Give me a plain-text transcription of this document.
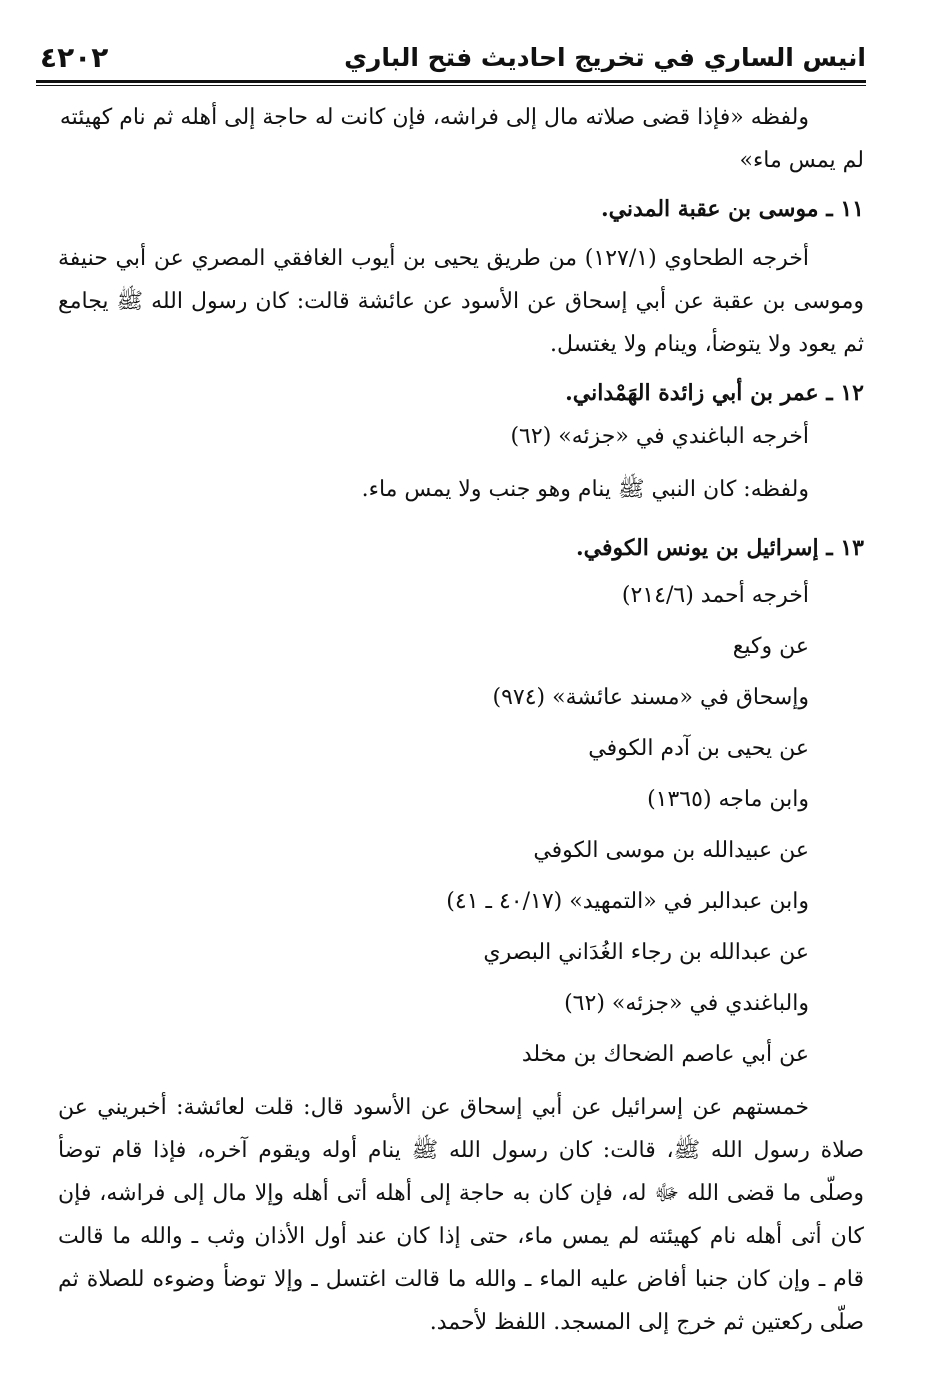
انيس الساري في تخريج احاديث فتح الباري
٤٢٠٢

ولفظه «فإذا قضى صلاته مال إلى فراشه، فإن كانت له حاجة إلى أهله ثم نام كهيئته

لم يمس ماء»

١١ ـ موسى بن عقبة المدني.

أخرجه الطحاوي (١٢٧/١) من طريق يحيى بن أيوب الغافقي المصري عن أبي حنيفة وموسى بن عقبة عن أبي إسحاق عن الأسود عن عائشة قالت: كان رسول الله ﷺ يجامع ثم يعود ولا يتوضأ، وينام ولا يغتسل.

١٢ ـ عمر بن أبي زائدة الهَمْداني.

أخرجه الباغندي في «جزئه» (٦٢)

ولفظه: كان النبي ﷺ ينام وهو جنب ولا يمس ماء.

١٣ ـ إسرائيل بن يونس الكوفي.

أخرجه أحمد (٢١٤/٦)

عن وكيع

وإسحاق في «مسند عائشة» (٩٧٤)

عن يحيى بن آدم الكوفي

وابن ماجه (١٣٦٥)

عن عبيدالله بن موسى الكوفي

وابن عبدالبر في «التمهيد» (٤٠/١٧ ـ ٤١)

عن عبدالله بن رجاء الغُدَاني البصري

والباغندي في «جزئه» (٦٢)

عن أبي عاصم الضحاك بن مخلد

خمستهم عن إسرائيل عن أبي إسحاق عن الأسود قال: قلت لعائشة: أخبريني عن صلاة رسول الله ﷺ، قالت: كان رسول الله ﷺ ينام أوله ويقوم آخره، فإذا قام توضأ وصلّى ما قضى الله ﷻ له، فإن كان به حاجة إلى أهله أتى أهله وإلا مال إلى فراشه، فإن كان أتى أهله نام كهيئته لم يمس ماء، حتى إذا كان عند أول الأذان وثب ـ والله ما قالت قام ـ وإن كان جنبا أفاض عليه الماء ـ والله ما قالت اغتسل ـ وإلا توضأ وضوءه للصلاة ثم صلّى ركعتين ثم خرج إلى المسجد. اللفظ لأحمد.
